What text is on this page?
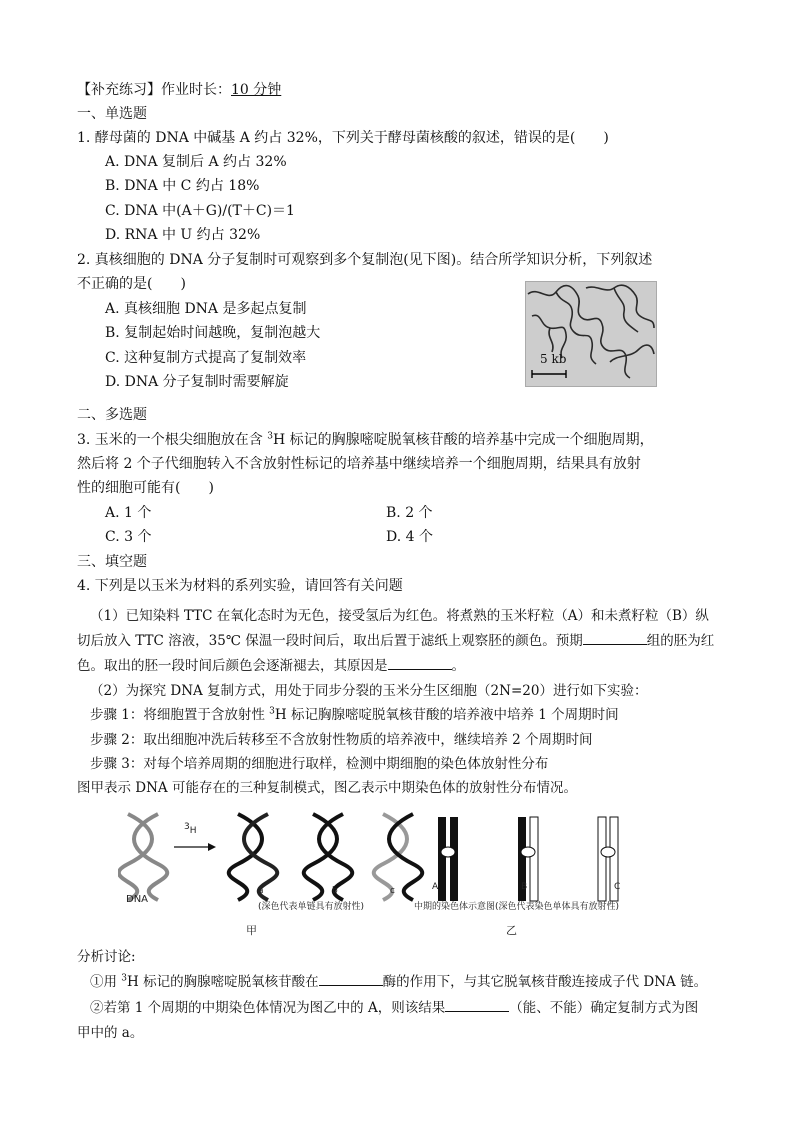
【补充练习】作业时长：10 分钟
一、单选题
1. 酵母菌的 DNA 中碱基 A 约占 32%，下列关于酵母菌核酸的叙述，错误的是(　　)
A. DNA 复制后 A 约占 32%
B. DNA 中 C 约占 18%
C. DNA 中(A＋G)/(T＋C)＝1
D. RNA 中 U 约占 32%
2. 真核细胞的 DNA 分子复制时可观察到多个复制泡(见下图)。结合所学知识分析，下列叙述
不正确的是(　　)
A. 真核细胞 DNA 是多起点复制
B. 复制起始时间越晚，复制泡越大
C. 这种复制方式提高了复制效率
D. DNA 分子复制时需要解旋
5 kb
二、多选题
3. 玉米的一个根尖细胞放在含 $^3$H 标记的胸腺嘧啶脱氧核苷酸的培养基中完成一个细胞周期，
然后将 2 个子代细胞转入不含放射性标记的培养基中继续培养一个细胞周期，结果具有放射
性的细胞可能有(　　)
A. 1 个	B. 2 个
C. 3 个	D. 4 个
三、填空题
4. 下列是以玉米为材料的系列实验，请回答有关问题
（1）已知染料 TTC 在氧化态时为无色，接受氢后为红色。将煮熟的玉米籽粒（A）和未煮籽粒（B）纵
切后放入 TTC 溶液，35℃ 保温一段时间后，取出后置于滤纸上观察胚的颜色。预期	组的胚为红
色。取出的胚一段时间后颜色会逐渐褪去，其原因是	。
（2）为探究 DNA 复制方式，用处于同步分裂的玉米分生区细胞（2N=20）进行如下实验：
步骤 1：将细胞置于含放射性 $^3$H 标记胸腺嘧啶脱氧核苷酸的培养液中培养 1 个周期时间
步骤 2：取出细胞冲洗后转移至不含放射性物质的培养液中，继续培养 2 个周期时间
步骤 3：对每个培养周期的细胞进行取样，检测中期细胞的染色体放射性分布
图甲表示 DNA 可能存在的三种复制模式，图乙表示中期染色体的放射性分布情况。
DNA
3H
a	b	c
(深色代表单链具有放射性)
A	B	C
中期的染色体示意图(深色代表染色单体具有放射性)
甲	乙
分析讨论:
①用 $^3$H 标记的胸腺嘧啶脱氧核苷酸在	酶的作用下，与其它脱氧核苷酸连接成子代 DNA 链。
②若第 1 个周期的中期染色体情况为图乙中的 A，则该结果	（能、不能）确定复制方式为图
甲中的 a。
